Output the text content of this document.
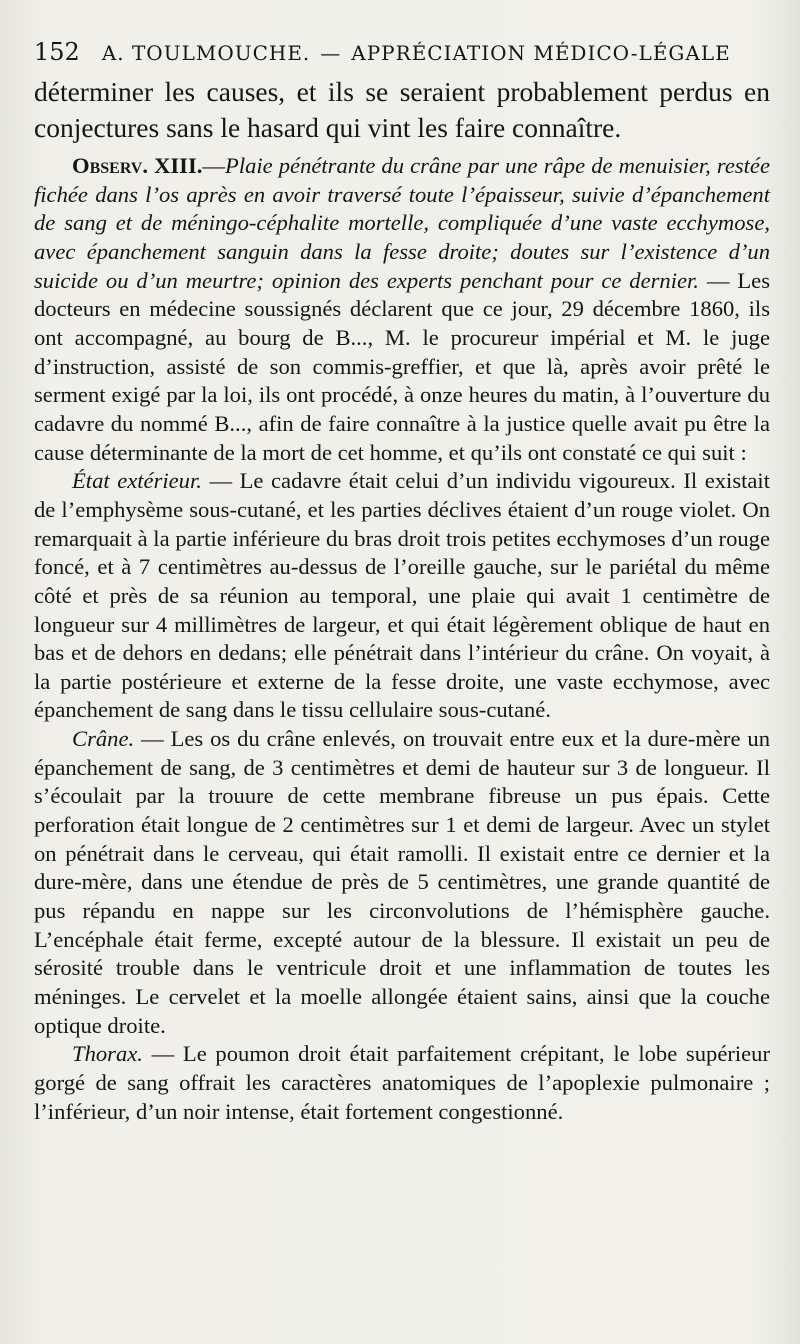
152 A. TOULMOUCHE. — APPRÉCIATION MÉDICO-LÉGALE

déterminer les causes, et ils se seraient probablement perdus en conjectures sans le hasard qui vint les faire connaître.

Observ. XIII.—Plaie pénétrante du crâne par une râpe de menuisier, restée fichée dans l’os après en avoir traversé toute l’épaisseur, suivie d’épanchement de sang et de méningo-céphalite mortelle, compliquée d’une vaste ecchymose, avec épanchement sanguin dans la fesse droite; doutes sur l’existence d’un suicide ou d’un meurtre; opinion des experts penchant pour ce dernier. — Les docteurs en médecine soussignés déclarent que ce jour, 29 décembre 1860, ils ont accompagné, au bourg de B..., M. le procureur impérial et M. le juge d’instruction, assisté de son commis-greffier, et que là, après avoir prêté le serment exigé par la loi, ils ont procédé, à onze heures du matin, à l’ouverture du cadavre du nommé B..., afin de faire connaître à la justice quelle avait pu être la cause déterminante de la mort de cet homme, et qu’ils ont constaté ce qui suit :

État extérieur. — Le cadavre était celui d’un individu vigoureux. Il existait de l’emphysème sous-cutané, et les parties déclives étaient d’un rouge violet. On remarquait à la partie inférieure du bras droit trois petites ecchymoses d’un rouge foncé, et à 7 centimètres au-dessus de l’oreille gauche, sur le pariétal du même côté et près de sa réunion au temporal, une plaie qui avait 1 centimètre de longueur sur 4 millimètres de largeur, et qui était légèrement oblique de haut en bas et de dehors en dedans; elle pénétrait dans l’intérieur du crâne. On voyait, à la partie postérieure et externe de la fesse droite, une vaste ecchymose, avec épanchement de sang dans le tissu cellulaire sous-cutané.

Crâne. — Les os du crâne enlevés, on trouvait entre eux et la dure-mère un épanchement de sang, de 3 centimètres et demi de hauteur sur 3 de longueur. Il s’écoulait par la trouure de cette membrane fibreuse un pus épais. Cette perforation était longue de 2 centimètres sur 1 et demi de largeur. Avec un stylet on pénétrait dans le cerveau, qui était ramolli. Il existait entre ce dernier et la dure-mère, dans une étendue de près de 5 centimètres, une grande quantité de pus répandu en nappe sur les circonvolutions de l’hémisphère gauche. L’encéphale était ferme, excepté autour de la blessure. Il existait un peu de sérosité trouble dans le ventricule droit et une inflammation de toutes les méninges. Le cervelet et la moelle allongée étaient sains, ainsi que la couche optique droite.

Thorax. — Le poumon droit était parfaitement crépitant, le lobe supérieur gorgé de sang offrait les caractères anatomiques de l’apoplexie pulmonaire ; l’inférieur, d’un noir intense, était fortement congestionné.
